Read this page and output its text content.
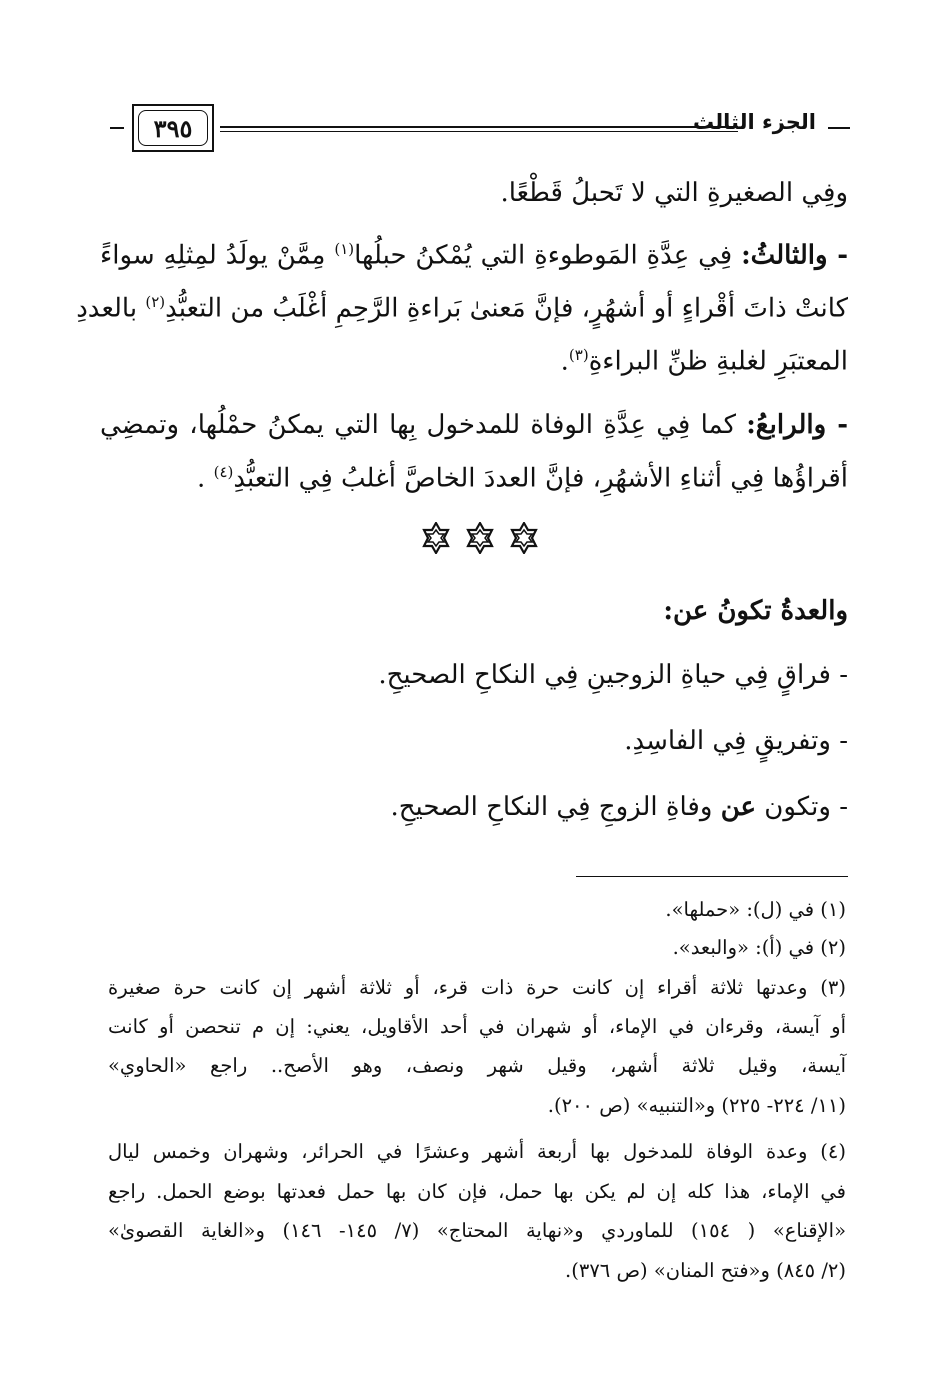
٣٩٥	الجزء الثالث
وفِي الصغيرةِ التي لا تَحبلُ قَطْعًا.
- والثالثُ: فِي عِدَّةِ المَوطوءةِ التي يُمْكنُ حبلُها$^{(١)}$ مِمَّنْ يولَدُ لمِثلِهِ سواءً
كانتْ ذاتَ أقْراءٍ أو أشهُرٍ، فإنَّ مَعنىٰ بَراءةِ الرَّحِمِ أغْلَبُ من التعبُّدِ$^{(٢)}$ بالعددِ
المعتبَرِ لغلبةِ ظنِّ البراءةِ$^{(٣)}$.
- والرابعُ: كما فِي عِدَّةِ الوفاة للمدخول بِها التي يمكنُ حمْلُها، وتمضِي
أقراؤُها فِي أثناءِ الأشهُرِ، فإنَّ العددَ الخاصَّ أغلبُ فِي التعبُّدِ$^{(٤)}$ .
والعدةُ تكونُ عن:
- فراقٍ فِي حياةِ الزوجينِ فِي النكاحِ الصحيحِ.
- وتفريقٍ فِي الفاسِدِ.
- وتكون عن وفاةِ الزوجِ فِي النكاحِ الصحيحِ.
(١) في (ل): «حملها».
(٢) في (أ): «والبعد».
(٣) وعدتها ثلاثة أقراء إن كانت حرة ذات قرء، أو ثلاثة أشهر إن كانت حرة صغيرة
أو آيسة، وقرءان في الإماء، أو شهران في أحد الأقاويل، يعني: إن م تنحصن أو كانت
آيسة، وقيل ثلاثة أشهر، وقيل شهر ونصف، وهو الأصح.. راجع «الحاوي»
(١١/ ٢٢٤- ٢٢٥) و«التنبيه» (ص ٢٠٠).
(٤) وعدة الوفاة للمدخول بها أربعة أشهر وعشرًا في الحرائر، وشهران وخمس ليال
في الإماء، هذا كله إن لم يكن بها حمل، فإن كان بها حمل فعدتها بوضع الحمل. راجع
«الإقناع» ( ١٥٤) للماوردي و«نهاية المحتاج» (٧/ ١٤٥- ١٤٦) و«الغاية القصوىٰ»
(٢/ ٨٤٥) و«فتح المنان» (ص ٣٧٦).
